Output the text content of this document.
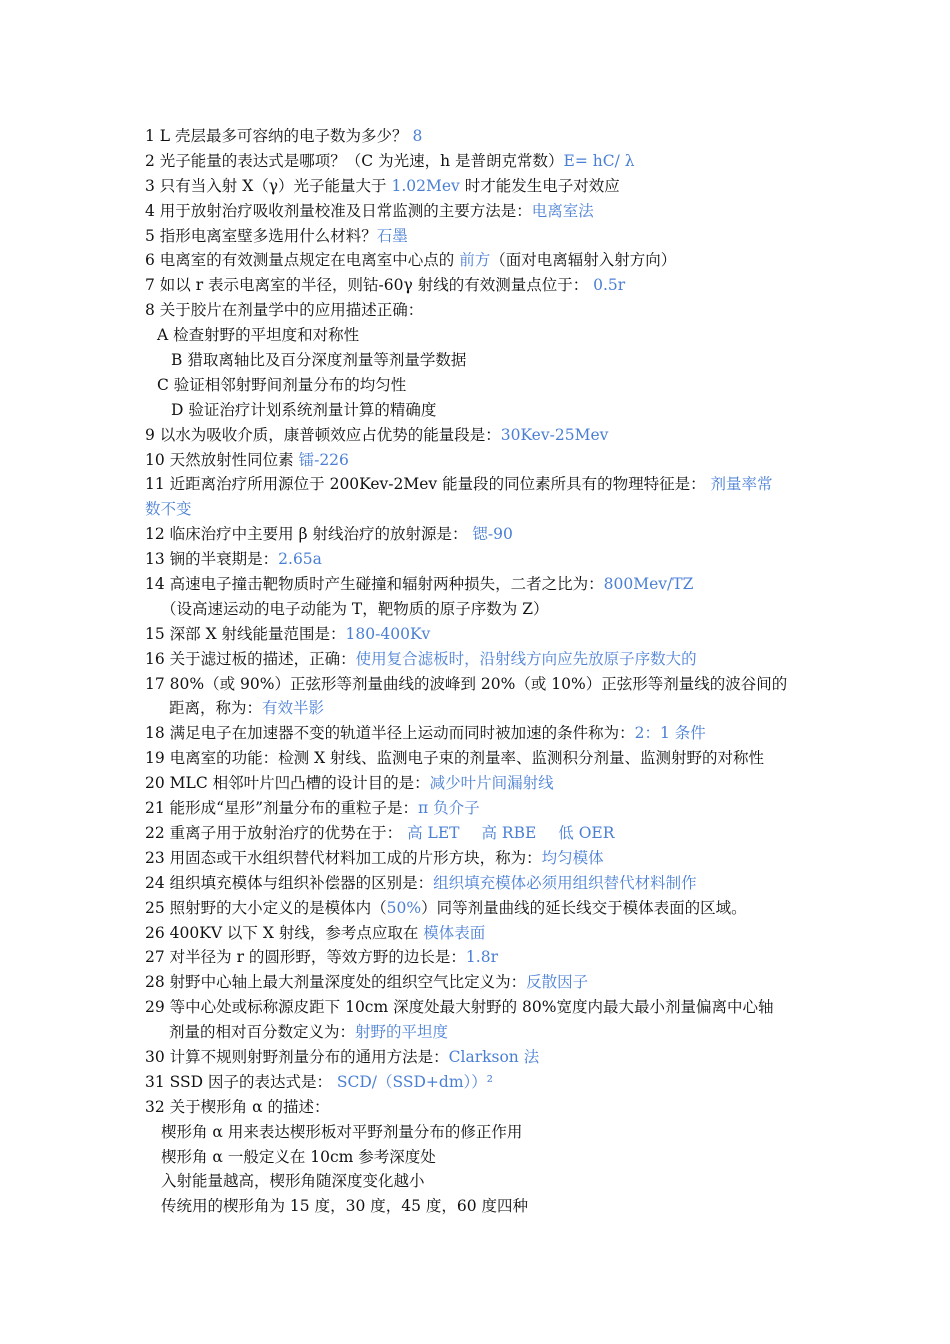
1 L 壳层最多可容纳的电子数为多少？ 8
2 光子能量的表达式是哪项？（C 为光速，h 是普朗克常数）E= hC/ λ
3 只有当入射 X（γ）光子能量大于 1.02Mev 时才能发生电子对效应
4 用于放射治疗吸收剂量校准及日常监测的主要方法是：电离室法
5 指形电离室壁多选用什么材料？石墨
6 电离室的有效测量点规定在电离室中心点的 前方（面对电离辐射入射方向）
7 如以 r 表示电离室的半径，则钴-60γ 射线的有效测量点位于： 0.5r
8 关于胶片在剂量学中的应用描述正确：
A 检查射野的平坦度和对称性
B 猎取离轴比及百分深度剂量等剂量学数据
C 验证相邻射野间剂量分布的均匀性
D 验证治疗计划系统剂量计算的精确度
9 以水为吸收介质，康普顿效应占优势的能量段是：30Kev-25Mev
10 天然放射性同位素 镭-226
11 近距离治疗所用源位于 200Kev-2Mev 能量段的同位素所具有的物理特征是： 剂量率常
数不变
12 临床治疗中主要用 β 射线治疗的放射源是： 锶-90
13 锎的半衰期是：2.65a
14 高速电子撞击靶物质时产生碰撞和辐射两种损失，二者之比为：800Mev/TZ
（设高速运动的电子动能为 T，靶物质的原子序数为 Z）
15 深部 X 射线能量范围是：180-400Kv
16 关于滤过板的描述，正确：使用复合滤板时，沿射线方向应先放原子序数大的
17 80%（或 90%）正弦形等剂量曲线的波峰到 20%（或 10%）正弦形等剂量线的波谷间的
距离，称为：有效半影
18 满足电子在加速器不变的轨道半径上运动而同时被加速的条件称为：2：1 条件
19 电离室的功能：检测 X 射线、监测电子束的剂量率、监测积分剂量、监测射野的对称性
20 MLC 相邻叶片凹凸槽的设计目的是：减少叶片间漏射线
21 能形成“星形”剂量分布的重粒子是：π 负介子
22 重离子用于放射治疗的优势在于： 高 LET 高 RBE 低 OER
23 用固态或干水组织替代材料加工成的片形方块，称为：均匀模体
24 组织填充模体与组织补偿器的区别是：组织填充模体必须用组织替代材料制作
25 照射野的大小定义的是模体内（50%）同等剂量曲线的延长线交于模体表面的区域。
26 400KV 以下 X 射线，参考点应取在 模体表面
27 对半径为 r 的圆形野，等效方野的边长是：1.8r
28 射野中心轴上最大剂量深度处的组织空气比定义为：反散因子
29 等中心处或标称源皮距下 10cm 深度处最大射野的 80%宽度内最大最小剂量偏离中心轴
剂量的相对百分数定义为：射野的平坦度
30 计算不规则射野剂量分布的通用方法是：Clarkson 法
31 SSD 因子的表达式是： SCD/（SSD+dm））²
32 关于楔形角 α 的描述：
楔形角 α 用来表达楔形板对平野剂量分布的修正作用
楔形角 α 一般定义在 10cm 参考深度处
入射能量越高，楔形角随深度变化越小
传统用的楔形角为 15 度，30 度，45 度，60 度四种
